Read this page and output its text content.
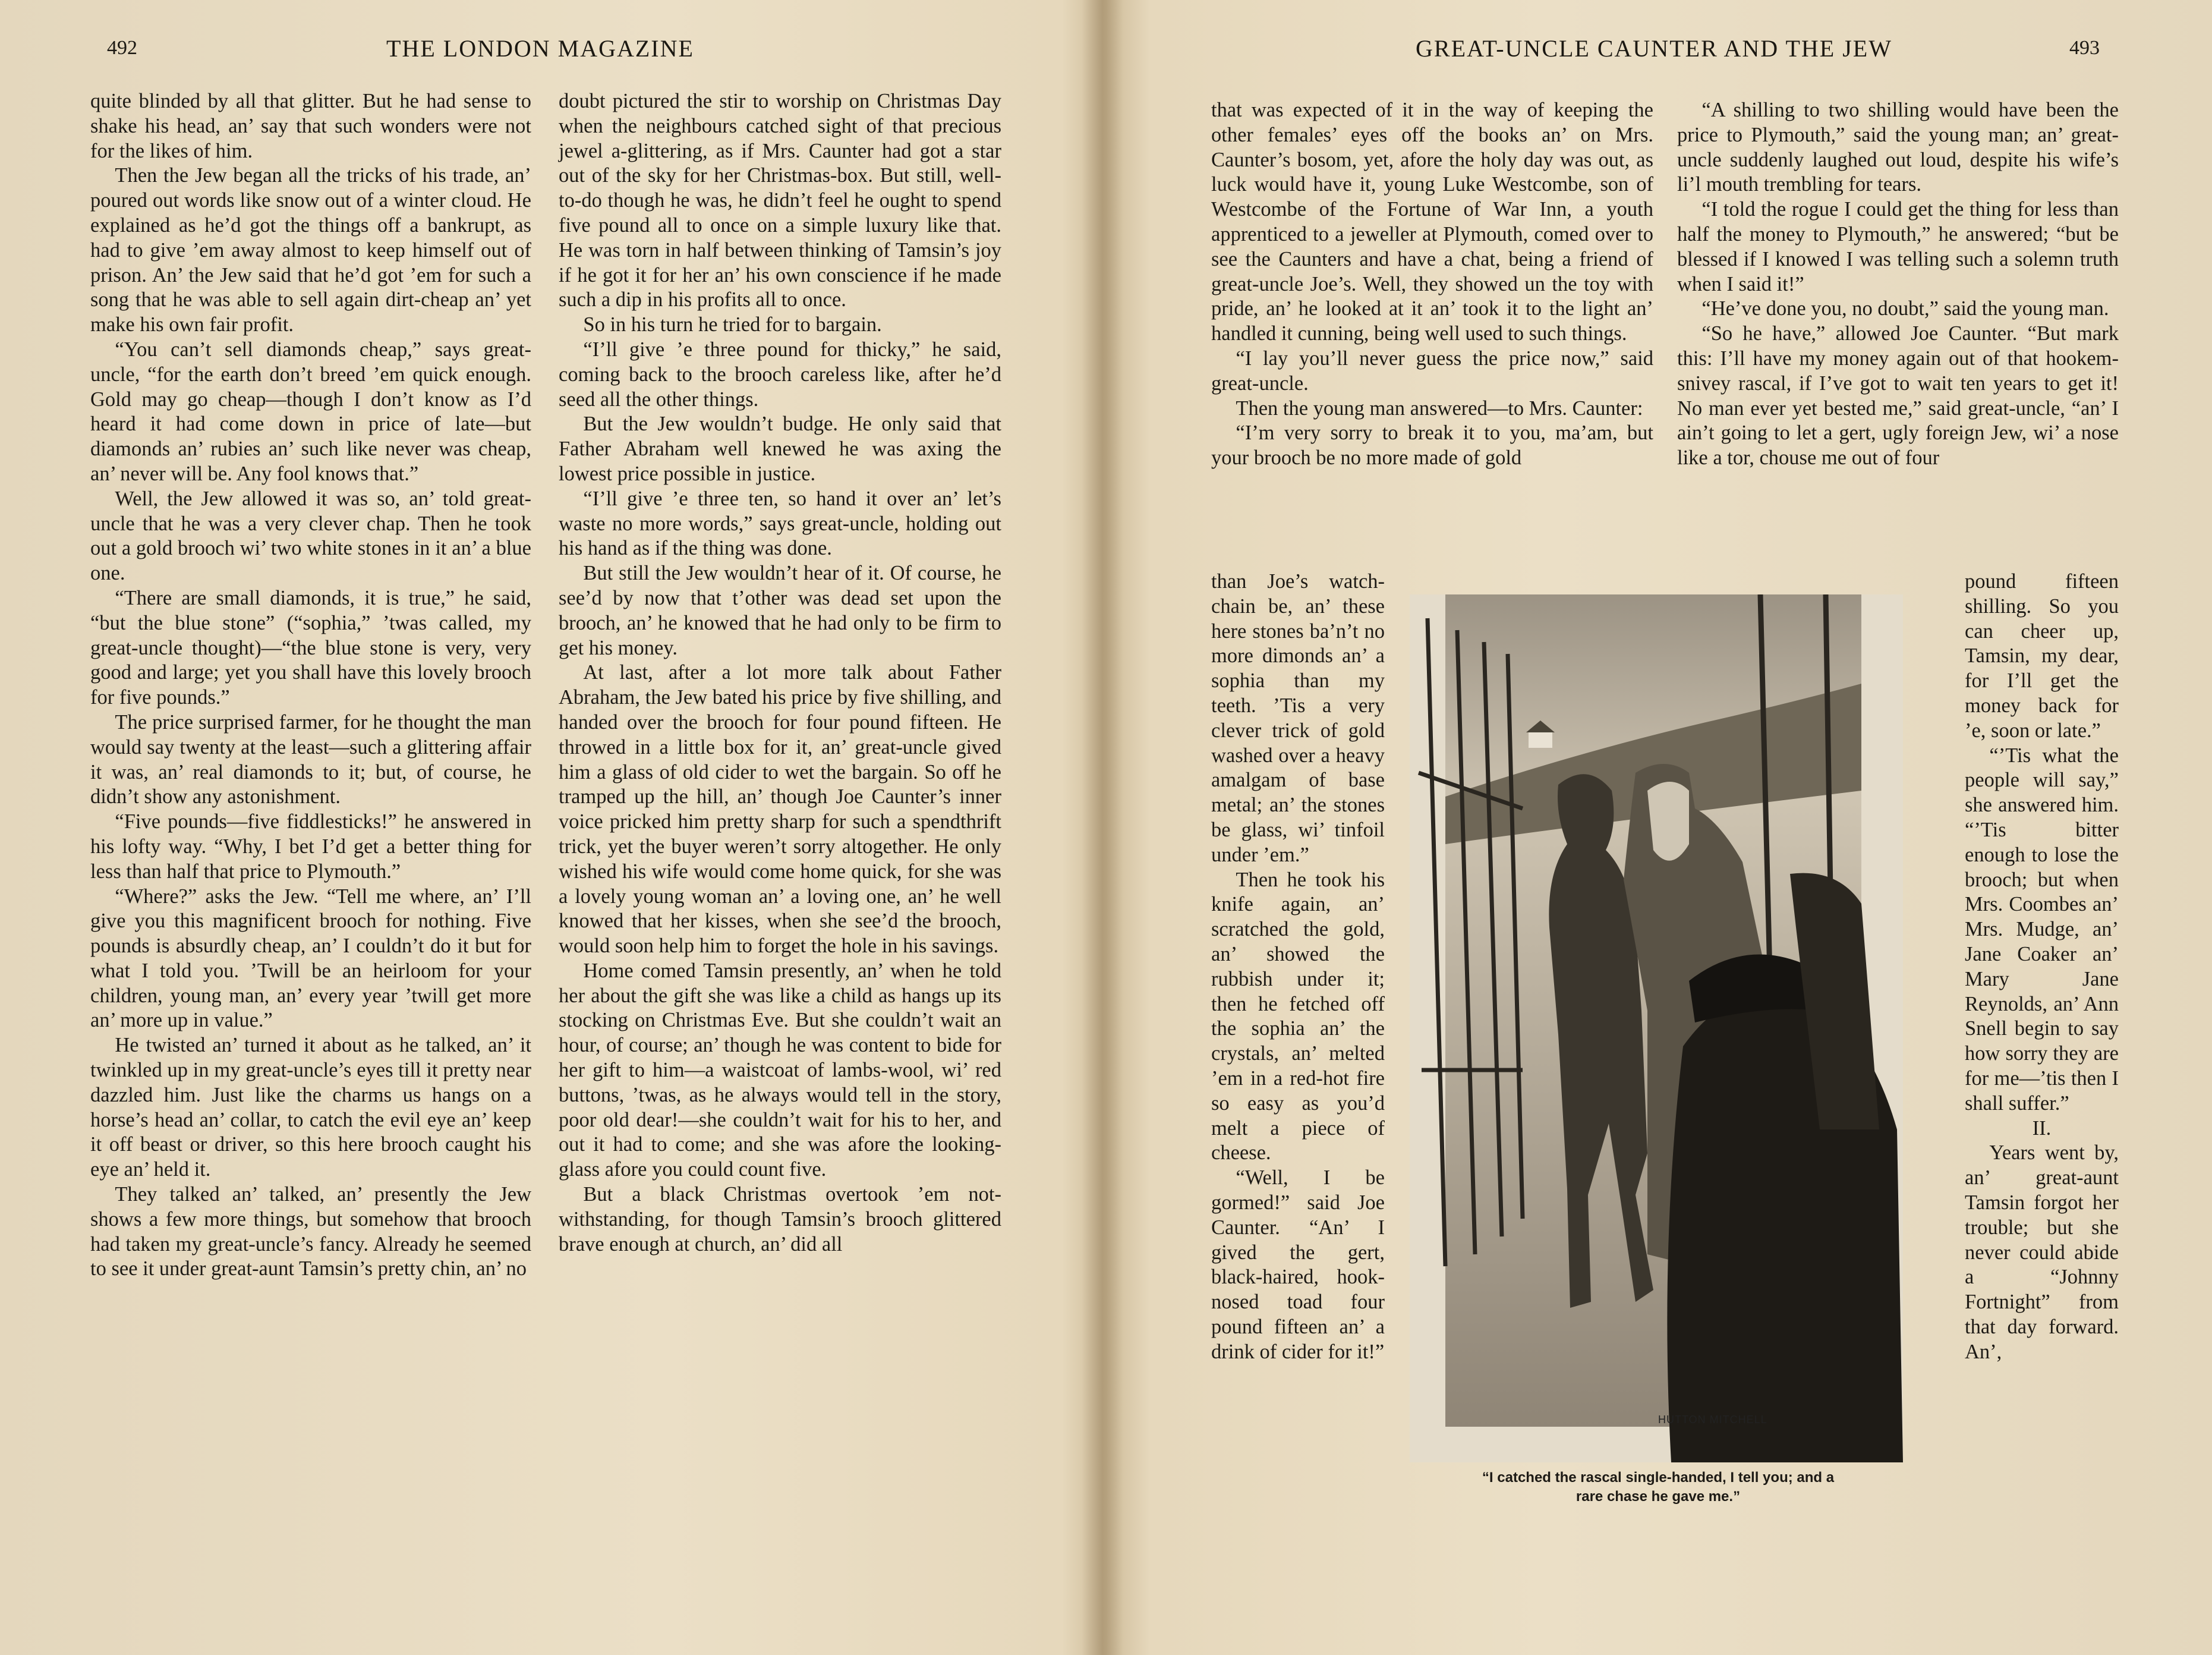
492	THE LONDON MAGAZINE

quite blinded by all that glitter. But he had sense to shake his head, an’ say that such wonders were not for the likes of him.

Then the Jew began all the tricks of his trade, an’ poured out words like snow out of a winter cloud. He explained as he’d got the things off a bankrupt, as had to give ’em away almost to keep himself out of prison. An’ the Jew said that he’d got ’em for such a song that he was able to sell again dirt-cheap an’ yet make his own fair profit.

“You can’t sell diamonds cheap,” says great-uncle, “for the earth don’t breed ’em quick enough. Gold may go cheap—though I don’t know as I’d heard it had come down in price of late—but diamonds an’ rubies an’ such like never was cheap, an’ never will be. Any fool knows that.”

Well, the Jew allowed it was so, an’ told great-uncle that he was a very clever chap. Then he took out a gold brooch wi’ two white stones in it an’ a blue one.

“There are small diamonds, it is true,” he said, “but the blue stone” (“sophia,” ’twas called, my great-uncle thought)—“the blue stone is very, very good and large; yet you shall have this lovely brooch for five pounds.”

The price surprised farmer, for he thought the man would say twenty at the least—such a glittering affair it was, an’ real diamonds to it; but, of course, he didn’t show any astonishment.

“Five pounds—five fiddlesticks!” he answered in his lofty way. “Why, I bet I’d get a better thing for less than half that price to Plymouth.”

“Where?” asks the Jew. “Tell me where, an’ I’ll give you this magnificent brooch for nothing. Five pounds is absurdly cheap, an’ I couldn’t do it but for what I told you. ’Twill be an heirloom for your children, young man, an’ every year ’twill get more an’ more up in value.”

He twisted an’ turned it about as he talked, an’ it twinkled up in my great-uncle’s eyes till it pretty near dazzled him. Just like the charms us hangs on a horse’s head an’ collar, to catch the evil eye an’ keep it off beast or driver, so this here brooch caught his eye an’ held it.

They talked an’ talked, an’ presently the Jew shows a few more things, but somehow that brooch had taken my great-uncle’s fancy. Already he seemed to see it under great-aunt Tamsin’s pretty chin, an’ no

doubt pictured the stir to worship on Christmas Day when the neighbours catched sight of that precious jewel a-glittering, as if Mrs. Caunter had got a star out of the sky for her Christmas-box. But still, well-to-do though he was, he didn’t feel he ought to spend five pound all to once on a simple luxury like that. He was torn in half between thinking of Tamsin’s joy if he got it for her an’ his own conscience if he made such a dip in his profits all to once.

So in his turn he tried for to bargain.

“I’ll give ’e three pound for thicky,” he said, coming back to the brooch careless like, after he’d seed all the other things.

But the Jew wouldn’t budge. He only said that Father Abraham well knewed he was axing the lowest price possible in justice.

“I’ll give ’e three ten, so hand it over an’ let’s waste no more words,” says great-uncle, holding out his hand as if the thing was done.

But still the Jew wouldn’t hear of it. Of course, he see’d by now that t’other was dead set upon the brooch, an’ he knowed that he had only to be firm to get his money.

At last, after a lot more talk about Father Abraham, the Jew bated his price by five shilling, and handed over the brooch for four pound fifteen. He throwed in a little box for it, an’ great-uncle gived him a glass of old cider to wet the bargain. So off he tramped up the hill, an’ though Joe Caunter’s inner voice pricked him pretty sharp for such a spendthrift trick, yet the buyer weren’t sorry altogether. He only wished his wife would come home quick, for she was a lovely young woman an’ a loving one, an’ he well knowed that her kisses, when she see’d the brooch, would soon help him to forget the hole in his savings.

Home comed Tamsin presently, an’ when he told her about the gift she was like a child as hangs up its stocking on Christmas Eve. But she couldn’t wait an hour, of course; an’ though he was content to bide for her gift to him—a waistcoat of lambs-wool, wi’ red buttons, ’twas, as he always would tell in the story, poor old dear!—she couldn’t wait for his to her, and out it had to come; and she was afore the looking-glass afore you could count five.

But a black Christmas overtook ’em not-withstanding, for though Tamsin’s brooch glittered brave enough at church, an’ did all

GREAT-UNCLE CAUNTER AND THE JEW	493

that was expected of it in the way of keeping the other females’ eyes off the books an’ on Mrs. Caunter’s bosom, yet, afore the holy day was out, as luck would have it, young Luke Westcombe, son of Westcombe of the Fortune of War Inn, a youth apprenticed to a jeweller at Plymouth, comed over to see the Caunters and have a chat, being a friend of great-uncle Joe’s. Well, they showed un the toy with pride, an’ he looked at it an’ took it to the light an’ handled it cunning, being well used to such things.

“I lay you’ll never guess the price now,” said great-uncle.

Then the young man answered—to Mrs. Caunter:

“I’m very sorry to break it to you, ma’am, but your brooch be no more made of gold

than Joe’s watch-chain be, an’ these here stones ba’n’t no more dimonds an’ a sophia than my teeth. ’Tis a very clever trick of gold washed over a heavy amalgam of base metal; an’ the stones be glass, wi’ tinfoil under ’em.”

Then he took his knife again, an’ scratched the gold, an’ showed the rubbish under it; then he fetched off the sophia an’ the crystals, an’ melted ’em in a red-hot fire so easy as you’d melt a piece of cheese.

“Well, I be gormed!” said Joe Caunter. “An’ I gived the gert, black-haired, hook-nosed toad four pound fifteen an’ a drink of cider for it!”

“A shilling to two shilling would have been the price to Plymouth,” said the young man; an’ great-uncle suddenly laughed out loud, despite his wife’s li’l mouth trembling for tears.

“I told the rogue I could get the thing for less than half the money to Plymouth,” he answered; “but be blessed if I knowed I was telling such a solemn truth when I said it!”

“He’ve done you, no doubt,” said the young man.

“So he have,” allowed Joe Caunter. “But mark this: I’ll have my money again out of that hookem-snivey rascal, if I’ve got to wait ten years to get it! No man ever yet bested me,” said great-uncle, “an’ I ain’t going to let a gert, ugly foreign Jew, wi’ a nose like a tor, chouse me out of four

pound fifteen shilling. So you can cheer up, Tamsin, my dear, for I’ll get the money back for ’e, soon or late.”

“’Tis what the people will say,” she answered him. “’Tis bitter enough to lose the brooch; but when Mrs. Coombes an’ Mrs. Mudge, an’ Jane Coaker an’ Mary Jane Reynolds, an’ Ann Snell begin to say how sorry they are for me—’tis then I shall suffer.”

II.

Years went by, an’ great-aunt Tamsin forgot her trouble; but she never could abide a “Johnny Fortnight” from that day forward. An’,

HUTTON MITCHELL
“I catched the rascal single-handed, I tell you; and a
rare chase he gave me.”
